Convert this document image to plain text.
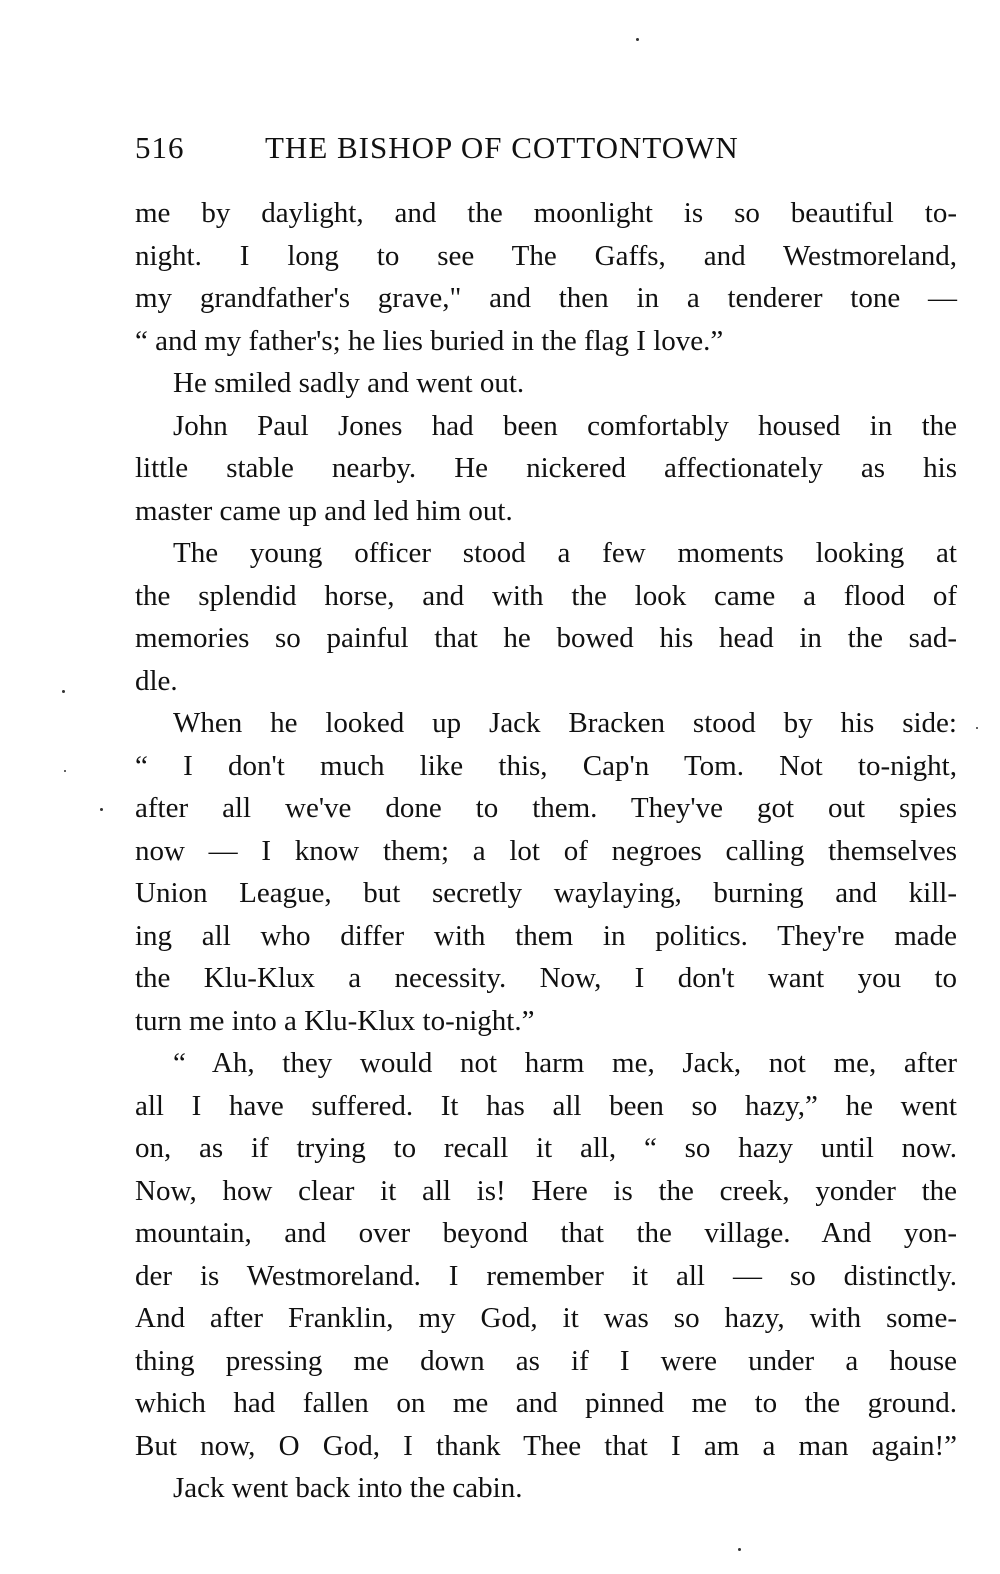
516	THE BISHOP OF COTTONTOWN
me by daylight, and the moonlight is so beautiful to-
night. I long to see The Gaffs, and Westmoreland,
my grandfather's grave," and then in a tenderer tone —
“ and my father's; he lies buried in the flag I love.”
He smiled sadly and went out.
John Paul Jones had been comfortably housed in the
little stable nearby. He nickered affectionately as his
master came up and led him out.
The young officer stood a few moments looking at
the splendid horse, and with the look came a flood of
memories so painful that he bowed his head in the sad-
dle.
When he looked up Jack Bracken stood by his side:
“ I don't much like this, Cap'n Tom. Not to-night,
after all we've done to them. They've got out spies
now — I know them; a lot of negroes calling themselves
Union League, but secretly waylaying, burning and kill-
ing all who differ with them in politics. They're made
the Klu-Klux a necessity. Now, I don't want you to
turn me into a Klu-Klux to-night.”
“ Ah, they would not harm me, Jack, not me, after
all I have suffered. It has all been so hazy,” he went
on, as if trying to recall it all, “ so hazy until now.
Now, how clear it all is! Here is the creek, yonder the
mountain, and over beyond that the village. And yon-
der is Westmoreland. I remember it all — so distinctly.
And after Franklin, my God, it was so hazy, with some-
thing pressing me down as if I were under a house
which had fallen on me and pinned me to the ground.
But now, O God, I thank Thee that I am a man again!”
Jack went back into the cabin.
